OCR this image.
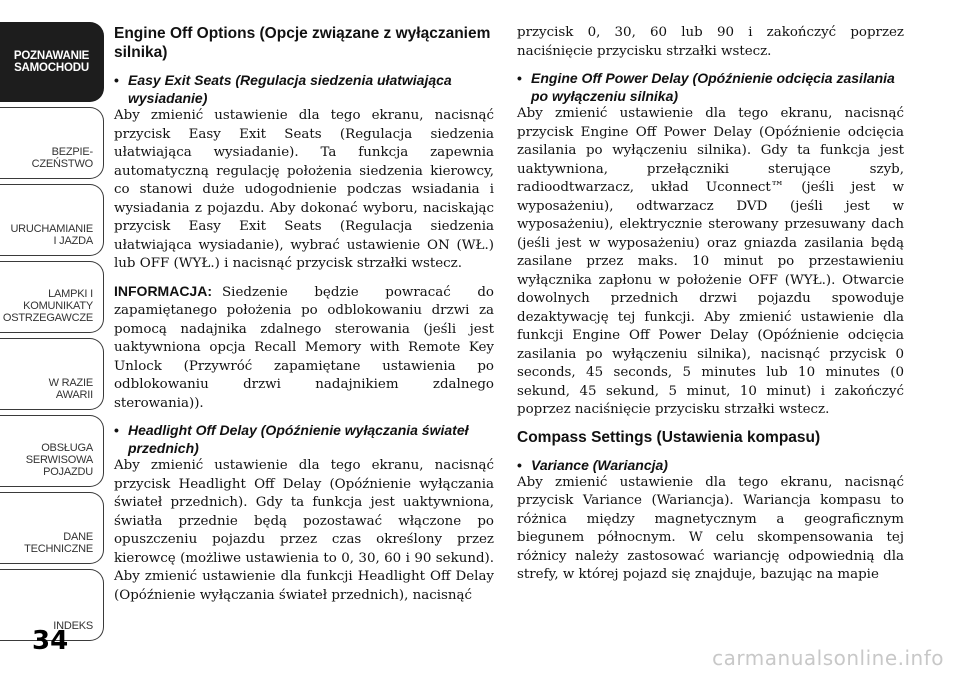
POZNAWANIE
SAMOCHODU
BEZPIE-
CZEŃSTWO
URUCHAMIANIE
I JAZDA
LAMPKI I
KOMUNIKATY
OSTRZEGAWCZE
W RAZIE
AWARII
OBSŁUGA
SERWISOWA
POJAZDU
DANE
TECHNICZNE
INDEKS
34
Engine Off Options (Opcje związane z wyłączaniem silnika)
• Easy Exit Seats (Regulacja siedzenia ułatwiająca wysiadanie)

Aby zmienić ustawienie dla tego ekranu, nacisnąć przycisk Easy Exit Seats (Regulacja siedzenia ułatwiająca wysiadanie). Ta funkcja zapewnia automatyczną regulację położenia siedzenia kierowcy, co stanowi duże udogodnienie podczas wsiadania i wysiadania z pojazdu. Aby dokonać wyboru, naciskając przycisk Easy Exit Seats (Regulacja siedzenia ułatwiająca wysiadanie), wybrać ustawienie ON (WŁ.) lub OFF (WYŁ.) i nacisnąć przycisk strzałki wstecz.

INFORMACJA: Siedzenie będzie powracać do zapamiętanego położenia po odblokowaniu drzwi za pomocą nadajnika zdalnego sterowania (jeśli jest uaktywniona opcja Recall Memory with Remote Key Unlock (Przywróć zapamiętane ustawienia po odblokowaniu drzwi nadajnikiem zdalnego sterowania)).

• Headlight Off Delay (Opóźnienie wyłączania świateł przednich)

Aby zmienić ustawienie dla tego ekranu, nacisnąć przycisk Headlight Off Delay (Opóźnienie wyłączania świateł przednich). Gdy ta funkcja jest uaktywniona, światła przednie będą pozostawać włączone po opuszczeniu pojazdu przez czas określony przez kierowcę (możliwe ustawienia to 0, 30, 60 i 90 sekund). Aby zmienić ustawienie dla funkcji Headlight Off Delay (Opóźnienie wyłączania świateł przednich), nacisnąć

przycisk 0, 30, 60 lub 90 i zakończyć poprzez naciśnięcie przycisku strzałki wstecz.

• Engine Off Power Delay (Opóźnienie odcięcia zasilania po wyłączeniu silnika)

Aby zmienić ustawienie dla tego ekranu, nacisnąć przycisk Engine Off Power Delay (Opóźnienie odcięcia zasilania po wyłączeniu silnika). Gdy ta funkcja jest uaktywniona, przełączniki sterujące szyb, radioodtwarzacz, układ Uconnect™ (jeśli jest w wyposażeniu), odtwarzacz DVD (jeśli jest w wyposażeniu), elektrycznie sterowany przesuwany dach (jeśli jest w wyposażeniu) oraz gniazda zasilania będą zasilane przez maks. 10 minut po przestawieniu wyłącznika zapłonu w położenie OFF (WYŁ.). Otwarcie dowolnych przednich drzwi pojazdu spowoduje dezaktywację tej funkcji. Aby zmienić ustawienie dla funkcji Engine Off Power Delay (Opóźnienie odcięcia zasilania po wyłączeniu silnika), nacisnąć przycisk 0 seconds, 45 seconds, 5 minutes lub 10 minutes (0 sekund, 45 sekund, 5 minut, 10 minut) i zakończyć poprzez naciśnięcie przycisku strzałki wstecz.

Compass Settings (Ustawienia kompasu)
• Variance (Wariancja)

Aby zmienić ustawienie dla tego ekranu, nacisnąć przycisk Variance (Wariancja). Wariancja kompasu to różnica między magnetycznym a geograficznym biegunem północnym. W celu skompensowania tej różnicy należy zastosować wariancję odpowiednią dla strefy, w której pojazd się znajduje, bazując na mapie

carmanualsonline.info
